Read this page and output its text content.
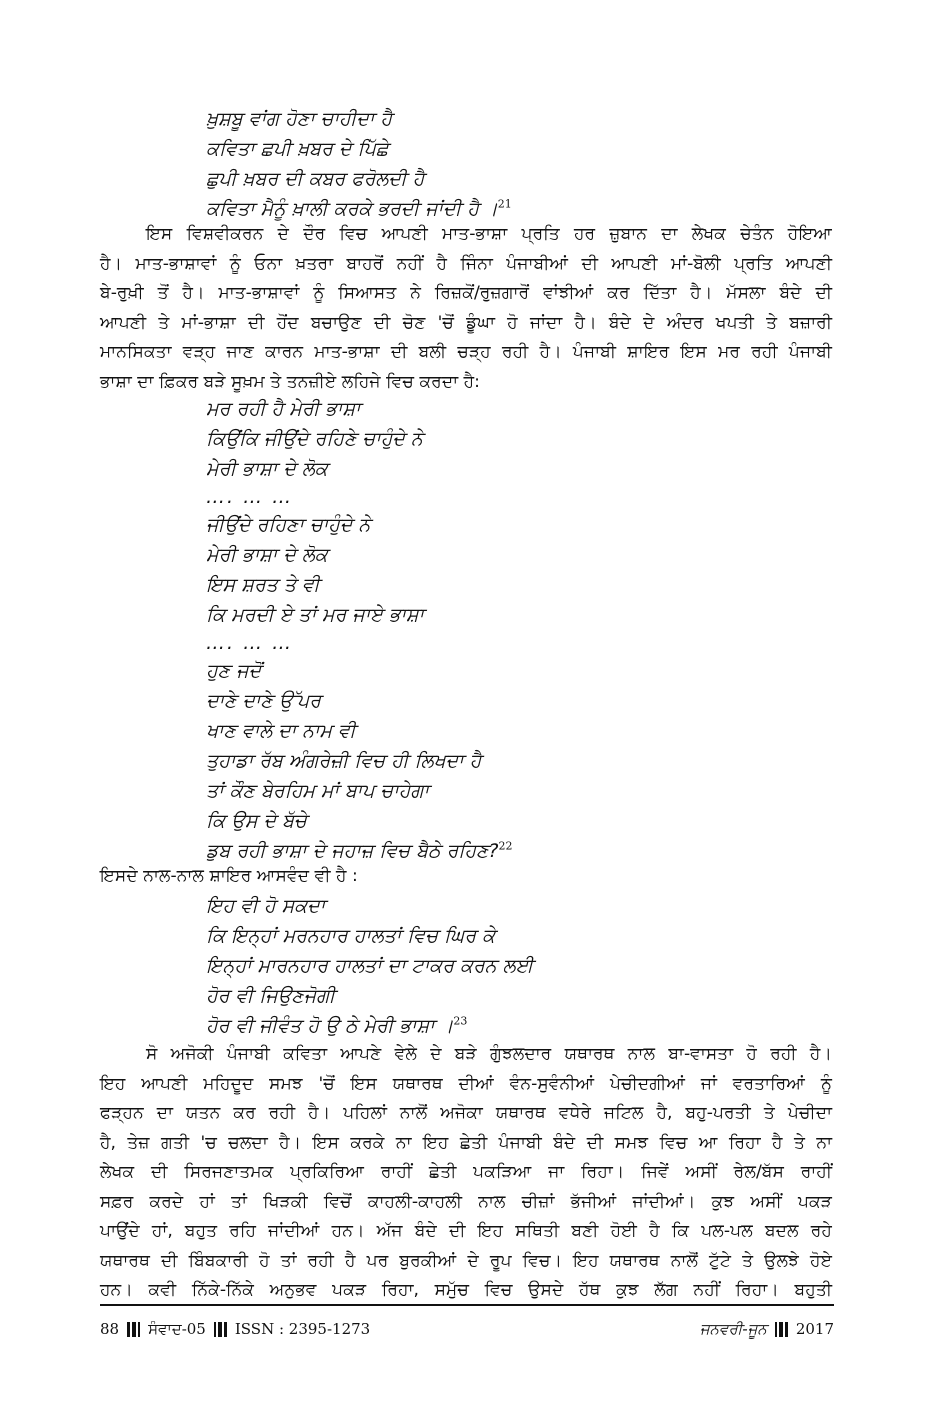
ਖ਼ੁਸ਼ਬੂ ਵਾਂਗ ਹੋਣਾ ਚਾਹੀਦਾ ਹੈ
ਕਵਿਤਾ ਛਪੀ ਖ਼ਬਰ ਦੇ ਪਿੱਛੇ
ਛੁਪੀ ਖ਼ਬਰ ਦੀ ਕਬਰ ਫਰੋਲਦੀ ਹੈ
ਕਵਿਤਾ ਮੈਨੂੰ ਖ਼ਾਲੀ ਕਰਕੇ ਭਰਦੀ ਜਾਂਦੀ ਹੈ ।$^{21}$
ਇਸ ਵਿਸ਼ਵੀਕਰਨ ਦੇ ਦੌਰ ਵਿਚ ਆਪਣੀ ਮਾਤ-ਭਾਸ਼ਾ ਪ੍ਰਤਿ ਹਰ ਜ਼ੁਬਾਨ ਦਾ ਲੇਖਕ ਚੇਤੰਨ ਹੋਇਆ
ਹੈ। ਮਾਤ-ਭਾਸ਼ਾਵਾਂ ਨੂੰ ਓਨਾ ਖ਼ਤਰਾ ਬਾਹਰੋਂ ਨਹੀਂ ਹੈ ਜਿੰਨਾ ਪੰਜਾਬੀਆਂ ਦੀ ਆਪਣੀ ਮਾਂ-ਬੋਲੀ ਪ੍ਰਤਿ ਆਪਣੀ
ਬੇ-ਰੁਖ਼ੀ ਤੋਂ ਹੈ। ਮਾਤ-ਭਾਸ਼ਾਵਾਂ ਨੂੰ ਸਿਆਸਤ ਨੇ ਰਿਜ਼ਕੋਂ/ਰੁਜ਼ਗਾਰੋਂ ਵਾਂਝੀਆਂ ਕਰ ਦਿੱਤਾ ਹੈ। ਮੱਸਲਾ ਬੰਦੇ ਦੀ
ਆਪਣੀ ਤੇ ਮਾਂ-ਭਾਸ਼ਾ ਦੀ ਹੋਂਦ ਬਚਾਉਣ ਦੀ ਚੋਣ 'ਚੋਂ ਡੂੰਘਾ ਹੋ ਜਾਂਦਾ ਹੈ। ਬੰਦੇ ਦੇ ਅੰਦਰ ਖਪਤੀ ਤੇ ਬਜ਼ਾਰੀ
ਮਾਨਸਿਕਤਾ ਵੜ੍ਹ ਜਾਣ ਕਾਰਨ ਮਾਤ-ਭਾਸ਼ਾ ਦੀ ਬਲੀ ਚੜ੍ਹ ਰਹੀ ਹੈ। ਪੰਜਾਬੀ ਸ਼ਾਇਰ ਇਸ ਮਰ ਰਹੀ ਪੰਜਾਬੀ
ਭਾਸ਼ਾ ਦਾ ਫ਼ਿਕਰ ਬੜੇ ਸੂਖ਼ਮ ਤੇ ਤਨਜ਼ੀਏ ਲਹਿਜੇ ਵਿਚ ਕਰਦਾ ਹੈ:
ਮਰ ਰਹੀ ਹੈ ਮੇਰੀ ਭਾਸ਼ਾ
ਕਿਉਂਕਿ ਜੀਉਂਦੇ ਰਹਿਣੇ ਚਾਹੁੰਦੇ ਨੇ
ਮੇਰੀ ਭਾਸ਼ਾ ਦੇ ਲੋਕ
…. … …
ਜੀਉਂਦੇ ਰਹਿਣਾ ਚਾਹੁੰਦੇ ਨੇ
ਮੇਰੀ ਭਾਸ਼ਾ ਦੇ ਲੋਕ
ਇਸ ਸ਼ਰਤ ਤੇ ਵੀ
ਕਿ ਮਰਦੀ ਏ ਤਾਂ ਮਰ ਜਾਏ ਭਾਸ਼ਾ
…. … …
ਹੁਣ ਜਦੋਂ
ਦਾਣੇ ਦਾਣੇ ਉੱਪਰ
ਖਾਣ ਵਾਲੇ ਦਾ ਨਾਮ ਵੀ
ਤੁਹਾਡਾ ਰੱਬ ਅੰਗਰੇਜ਼ੀ ਵਿਚ ਹੀ ਲਿਖਦਾ ਹੈ
ਤਾਂ ਕੌਣ ਬੇਰਹਿਮ ਮਾਂ ਬਾਪ ਚਾਹੇਗਾ
ਕਿ ਉਸ ਦੇ ਬੱਚੇ
ਡੁਬ ਰਹੀ ਭਾਸ਼ਾ ਦੇ ਜਹਾਜ਼ ਵਿਚ ਬੈਠੇ ਰਹਿਣ?$^{22}$
ਇਸਦੇ ਨਾਲ-ਨਾਲ ਸ਼ਾਇਰ ਆਸਵੰਦ ਵੀ ਹੈ :
ਇਹ ਵੀ ਹੋ ਸਕਦਾ
ਕਿ ਇਨ੍ਹਾਂ ਮਰਨਹਾਰ ਹਾਲਤਾਂ ਵਿਚ ਘਿਰ ਕੇ
ਇਨ੍ਹਾਂ ਮਾਰਨਹਾਰ ਹਾਲਤਾਂ ਦਾ ਟਾਕਰ ਕਰਨ ਲਈ
ਹੋਰ ਵੀ ਜਿਉਣਜੋਗੀ
ਹੋਰ ਵੀ ਜੀਵੰਤ ਹੋ ਉ ਠੇ ਮੇਰੀ ਭਾਸ਼ਾ ।$^{23}$
ਸੋ ਅਜੋਕੀ ਪੰਜਾਬੀ ਕਵਿਤਾ ਆਪਣੇ ਵੇਲੇ ਦੇ ਬੜੇ ਗੁੰਝਲਦਾਰ ਯਥਾਰਥ ਨਾਲ ਬਾ-ਵਾਸਤਾ ਹੋ ਰਹੀ ਹੈ।
ਇਹ ਆਪਣੀ ਮਹਿਦੂਦ ਸਮਝ 'ਚੋਂ ਇਸ ਯਥਾਰਥ ਦੀਆਂ ਵੰਨ-ਸੁਵੰਨੀਆਂ ਪੇਚੀਦਗੀਆਂ ਜਾਂ ਵਰਤਾਰਿਆਂ ਨੂੰ
ਫੜ੍ਹਨ ਦਾ ਯਤਨ ਕਰ ਰਹੀ ਹੈ। ਪਹਿਲਾਂ ਨਾਲੋਂ ਅਜੋਕਾ ਯਥਾਰਥ ਵਧੇਰੇ ਜਟਿਲ ਹੈ, ਬਹੁ-ਪਰਤੀ ਤੇ ਪੇਚੀਦਾ
ਹੈ, ਤੇਜ਼ ਗਤੀ 'ਚ ਚਲਦਾ ਹੈ। ਇਸ ਕਰਕੇ ਨਾ ਇਹ ਛੇਤੀ ਪੰਜਾਬੀ ਬੰਦੇ ਦੀ ਸਮਝ ਵਿਚ ਆ ਰਿਹਾ ਹੈ ਤੇ ਨਾ
ਲੇਖਕ ਦੀ ਸਿਰਜਣਾਤਮਕ ਪ੍ਰਕਿਰਿਆ ਰਾਹੀਂ ਛੇਤੀ ਪਕੜਿਆ ਜਾ ਰਿਹਾ। ਜਿਵੇਂ ਅਸੀਂ ਰੇਲ/ਬੱਸ ਰਾਹੀਂ
ਸਫ਼ਰ ਕਰਦੇ ਹਾਂ ਤਾਂ ਖਿੜਕੀ ਵਿਚੋਂ ਕਾਹਲੀ-ਕਾਹਲੀ ਨਾਲ ਚੀਜ਼ਾਂ ਭੱਜੀਆਂ ਜਾਂਦੀਆਂ। ਕੁਝ ਅਸੀਂ ਪਕੜ
ਪਾਉਂਦੇ ਹਾਂ, ਬਹੁਤ ਰਹਿ ਜਾਂਦੀਆਂ ਹਨ। ਅੱਜ ਬੰਦੇ ਦੀ ਇਹ ਸਥਿਤੀ ਬਣੀ ਹੋਈ ਹੈ ਕਿ ਪਲ-ਪਲ ਬਦਲ ਰਹੇ
ਯਥਾਰਥ ਦੀ ਬਿੰਬਕਾਰੀ ਹੋ ਤਾਂ ਰਹੀ ਹੈ ਪਰ ਬੁਰਕੀਆਂ ਦੇ ਰੂਪ ਵਿਚ। ਇਹ ਯਥਾਰਥ ਨਾਲੋਂ ਟੁੱਟੇ ਤੇ ਉਲਝੇ ਹੋਏ
ਹਨ। ਕਵੀ ਨਿੱਕੇ-ਨਿੱਕੇ ਅਨੁਭਵ ਪਕੜ ਰਿਹਾ, ਸਮੁੱਚ ਵਿਚ ਉਸਦੇ ਹੱਥ ਕੁਝ ਲੱਗ ਨਹੀਂ ਰਿਹਾ। ਬਹੁਤੀ
88 ਸੰਵਾਦ-05 ISSN : 2395-1273	ਜਨਵਰੀ-ਜੂਨ 2017
